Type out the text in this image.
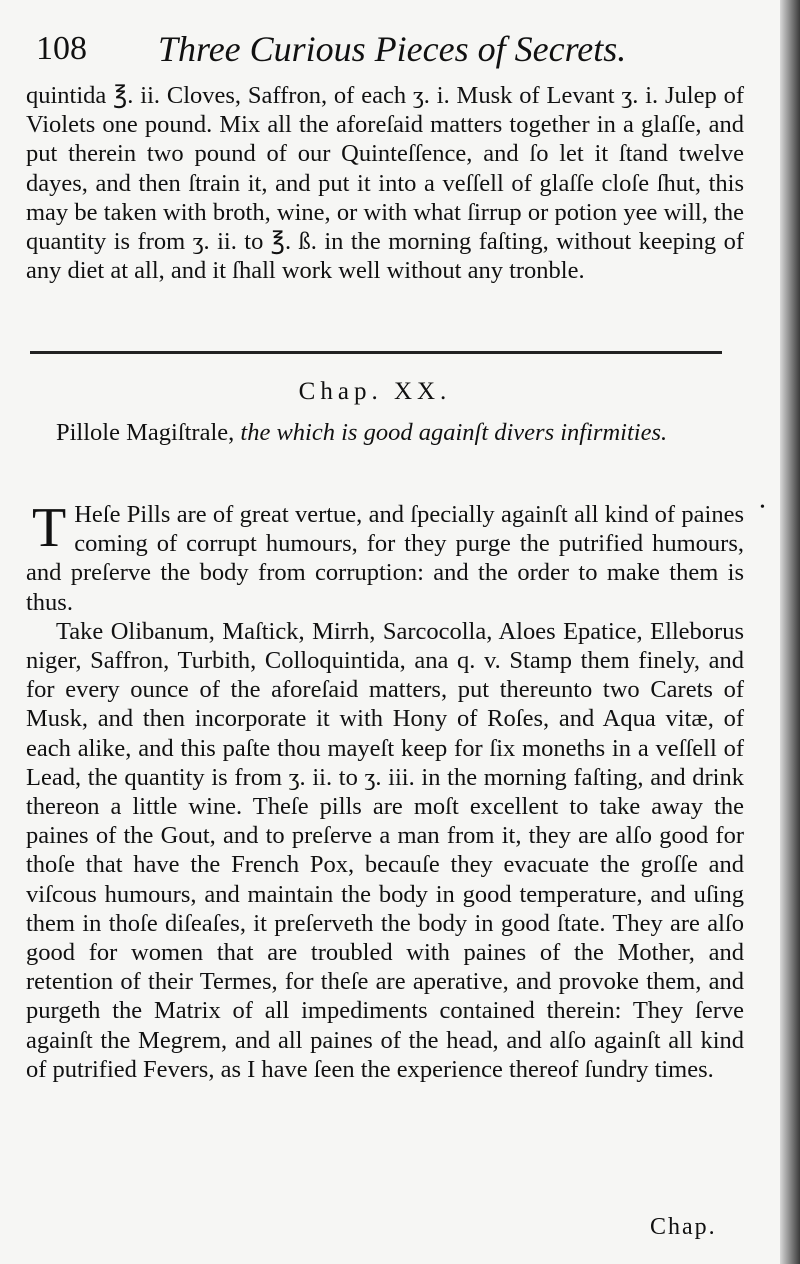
108 Three Curious Pieces of Secrets.

quintida ℥. ii. Cloves, Saffron, of each ʒ. i. Musk of Levant ʒ. i. Julep of Violets one pound. Mix all the aforeſaid matters together in a glaſſe, and put therein two pound of our Quinteſſence, and ſo let it ſtand twelve dayes, and then ſtrain it, and put it into a veſſell of glaſſe cloſe ſhut, this may be taken with broth, wine, or with what ſirrup or potion yee will, the quantity is from ʒ. ii. to ℥. ß. in the morning faſting, without keeping of any diet at all, and it ſhall work well without any tronble.

Chap. XX.
Pillole Magiſtrale, the which is good againſt divers infirmities.
•

T Heſe Pills are of great vertue, and ſpecially againſt all kind of paines coming of corrupt humours, for they purge the putrified humours, and preſerve the body from corruption: and the order to make them is thus.

Take Olibanum, Maſtick, Mirrh, Sarcocolla, Aloes Epatice, Elleborus niger, Saffron, Turbith, Colloquintida, ana q. v. Stamp them finely, and for every ounce of the aforeſaid matters, put thereunto two Carets of Musk, and then incorporate it with Hony of Roſes, and Aqua vitæ, of each alike, and this paſte thou mayeſt keep for ſix moneths in a veſſell of Lead, the quantity is from ʒ. ii. to ʒ. iii. in the morning faſting, and drink thereon a little wine. Theſe pills are moſt excellent to take away the paines of the Gout, and to preſerve a man from it, they are alſo good for thoſe that have the French Pox, becauſe they evacuate the groſſe and viſcous humours, and maintain the body in good temperature, and uſing them in thoſe diſeaſes, it preſerveth the body in good ſtate. They are alſo good for women that are troubled with paines of the Mother, and retention of their Termes, for theſe are aperative, and provoke them, and purgeth the Matrix of all impediments contained therein: They ſerve againſt the Megrem, and all paines of the head, and alſo againſt all kind of putrified Fevers, as I have ſeen the experience thereof ſundry times.

Chap.
